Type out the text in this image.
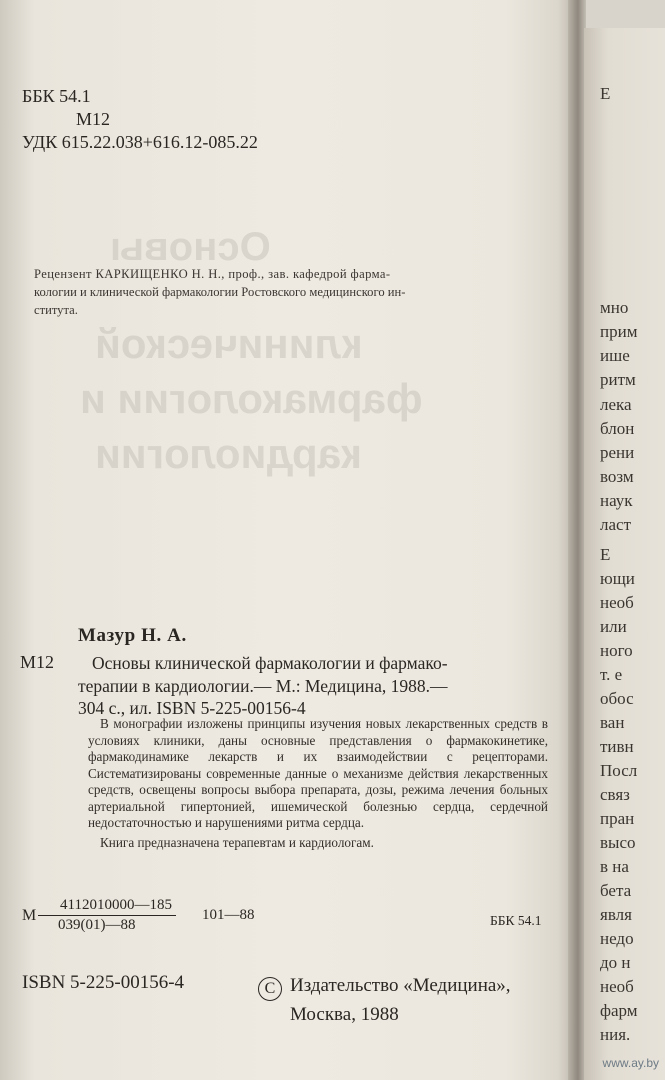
Основы
клинической
фармакологии и
кардиологии
Е
мно
прим
ише
ритм
лека
блон
рени
возм
наук
ласт
Е
ющи
необ
или
ного
т. е
обос
ван
тивн
Посл
связ
пран
высо
в на
бета
явля
недо
до н
необ
фарм
ния.
ББК 54.1
М12
УДК 615.22.038+616.12-085.22
Рецензент КАРКИЩЕНКО Н. Н., проф., зав. кафедрой фарма-
кологии и клинической фармакологии Ростовского медицинского ин-
ститута.
Мазур Н. А.
М12	Основы клинической фармакологии и фармако-
терапии в кардиологии.— М.: Медицина, 1988.—
304 с., ил. ISBN 5-225-00156-4

В монографии изложены принципы изучения новых лекарственных средств в условиях клиники, даны основные представления о фармакокинетике, фармакодинамике лекарств и их взаимодействии с рецепторами. Систематизированы современные данные о механизме действия лекарственных средств, освещены вопросы выбора препарата, дозы, режима лечения больных артериальной гипертонией, ишемической болезнью сердца, сердечной недостаточностью и нарушениями ритма сердца.

Книга предназначена терапевтам и кардиологам.
М
4112010000—185
039(01)—88
101—88	ББК 54.1
ISBN 5-225-00156-4	С Издательство «Медицина»,
Москва, 1988
www.ay.by
